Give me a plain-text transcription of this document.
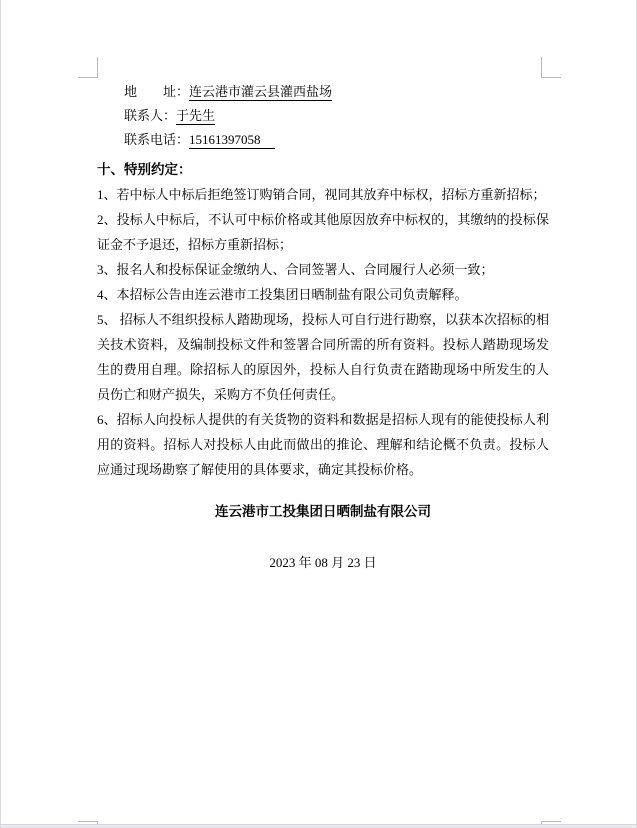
地　　址：连云港市灌云县灌西盐场
联系人：于先生
联系电话：15161397058
十、特别约定：

1、若中标人中标后拒绝签订购销合同，视同其放弃中标权，招标方重新招标；

2、投标人中标后，不认可中标价格或其他原因放弃中标权的，其缴纳的投标保证金不予退还，招标方重新招标；

3、报名人和投标保证金缴纳人、合同签署人、合同履行人必须一致；

4、本招标公告由连云港市工投集团日晒制盐有限公司负责解释。

5、 招标人不组织投标人踏勘现场，投标人可自行进行勘察，以获本次招标的相关技术资料，及编制投标文件和签署合同所需的所有资料。投标人踏勘现场发生的费用自理。除招标人的原因外，投标人自行负责在踏勘现场中所发生的人员伤亡和财产损失，采购方不负任何责任。

6、招标人向投标人提供的有关货物的资料和数据是招标人现有的能使投标人利用的资料。招标人对投标人由此而做出的推论、理解和结论概不负责。投标人应通过现场勘察了解使用的具体要求，确定其投标价格。

连云港市工投集团日晒制盐有限公司
2023 年 08 月 23 日
